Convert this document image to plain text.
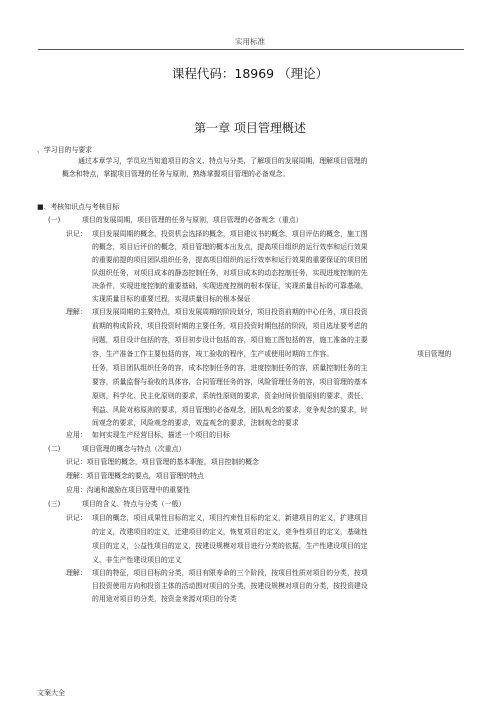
实用标准
课程代码：18969 （理论）
第一章 项目管理概述
、学习目的与要求
通过本章学习，学员应当知道项目的含义、特点与分类，了解项目的发展周期，理解项目管理的
概念和特点，掌握项目管理的任务与原则，熟练掌握项目管理的必备观念。
■、考核知识点与考核目标
(一)	项目的发展周期，项目管理的任务与原则，项目管理的必备观念（重点）
识记： 项目发展周期的概念，投资机会选择的概念，项目建议书的概念，项目评估的概念，施工图
的概念，项目后评价的概念，项目管理的概本出发点，提高项目组织的运行效率和运行效果
的重要前提的项目团队组织任务，提高项目组织的运行效率和运行效果的重要保证的项目团
队组织任务，对项目成本的静态控制任务，对项目成本的动态控制任务，实现进度控制的先
决条件，实现进度控制的重要基础，实现进度控制的根本保证，实现质量目标的可靠基础，
实现质量目标的重要过程，实现质量目标的根本保证
理解： 项目发展周期的主要特点，项目发展周期的阶段划分，项目投资前期的中心任务，项目投资
前期的构成阶段，项目投资时期的主要任务，项目投资时期包括的阶段，项目选址要考虑的
问题，项目设计包括的容，项目初步设计包括的容，项目施工图包括的容，施工准备的主要
容，生产准备工作主要包括的容，竣工验收的程序，生产或使用时期的工作容。	项目管理的
任务，项目团队组织任务的容，成本控制任务的容，进度控制任务的容，质量控制任务的主
要容，质量监督与验收的具体容，合同管理任务的容，风险管理任务的容，项目管理的基本
原则，科学化、民主化原则的要求，系统性原则的要求，资金时间价值原则的要求，责任、
利益、风险对称原则的要求，项目管理的必备观念，团队观念的要求，竞争观念的要求，时
间观念的要求，风险观念的要求，效益观念的要求，法制观念的要求
应用： 如何实现生产经营目标，描述一个项目的目标
(二)	项目管理的概念与特点（次重点）
识记：项目管理的概念，项目管理的基本职能，项目控制的概念
理解：项目管理概念的要点，项目管理的特点
应用：沟通和激励在项目管理中的重要性
(三)	项目的含义、特点与分类（一般）
识记： 项目的概念，项目成果性目标的定义，项目约束性目标的定义，新建项目的定义，扩建项目
的定义，改建项目的定义，迁建项目的定义，恢复项目的定义，竞争性项目的定义，基础性
项目的定义，公益性项目的定义，按建设规模对项目进行分类的依据，生产性建设项目的定
义，非生产性建设项目的定义
理解： 项目的特征，项目目标的分类，项目有限寿命的三个阶段，按项目性质对项目的分类，按项
目投资使用方向和投资主体的活动围对项目的分类，按建设规模对项目的分类，按投资建设
的用途对项目的分类，按资金来源对项目的分类
文案大全
